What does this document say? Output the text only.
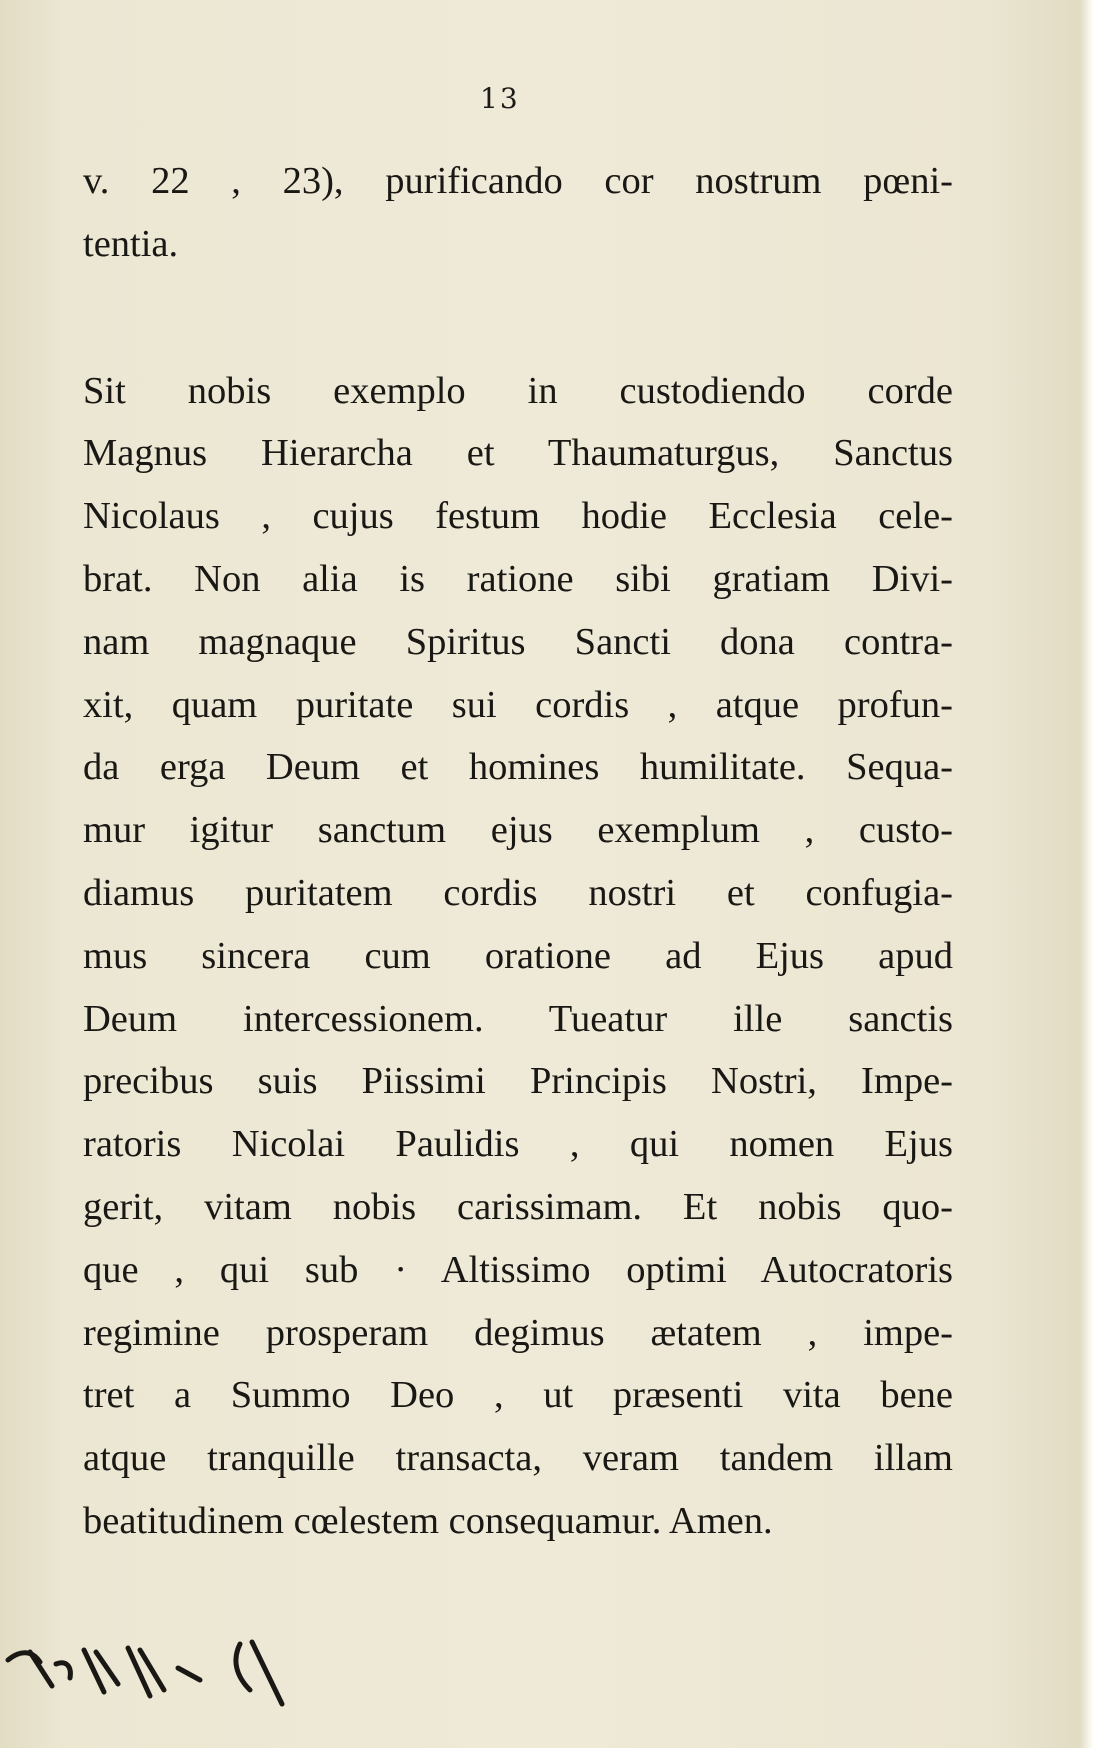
13
v. 22 , 23), purificando cor nostrum pœni-
tentia.
Sit nobis exemplo in custodiendo corde
Magnus Hierarcha et Thaumaturgus, Sanctus
Nicolaus , cujus festum hodie Ecclesia cele-
brat. Non alia is ratione sibi gratiam Divi-
nam magnaque Spiritus Sancti dona contra-
xit, quam puritate sui cordis , atque profun-
da erga Deum et homines humilitate. Sequa-
mur igitur sanctum ejus exemplum , custo-
diamus puritatem cordis nostri et confugia-
mus sincera cum oratione ad Ejus apud
Deum intercessionem. Tueatur ille sanctis
precibus suis Piissimi Principis Nostri, Impe-
ratoris Nicolai Paulidis , qui nomen Ejus
gerit, vitam nobis carissimam. Et nobis quo-
que , qui sub · Altissimo optimi Autocratoris
regimine prosperam degimus ætatem , impe-
tret a Summo Deo , ut præsenti vita bene
atque tranquille transacta, veram tandem illam
beatitudinem cœlestem consequamur. Amen.
